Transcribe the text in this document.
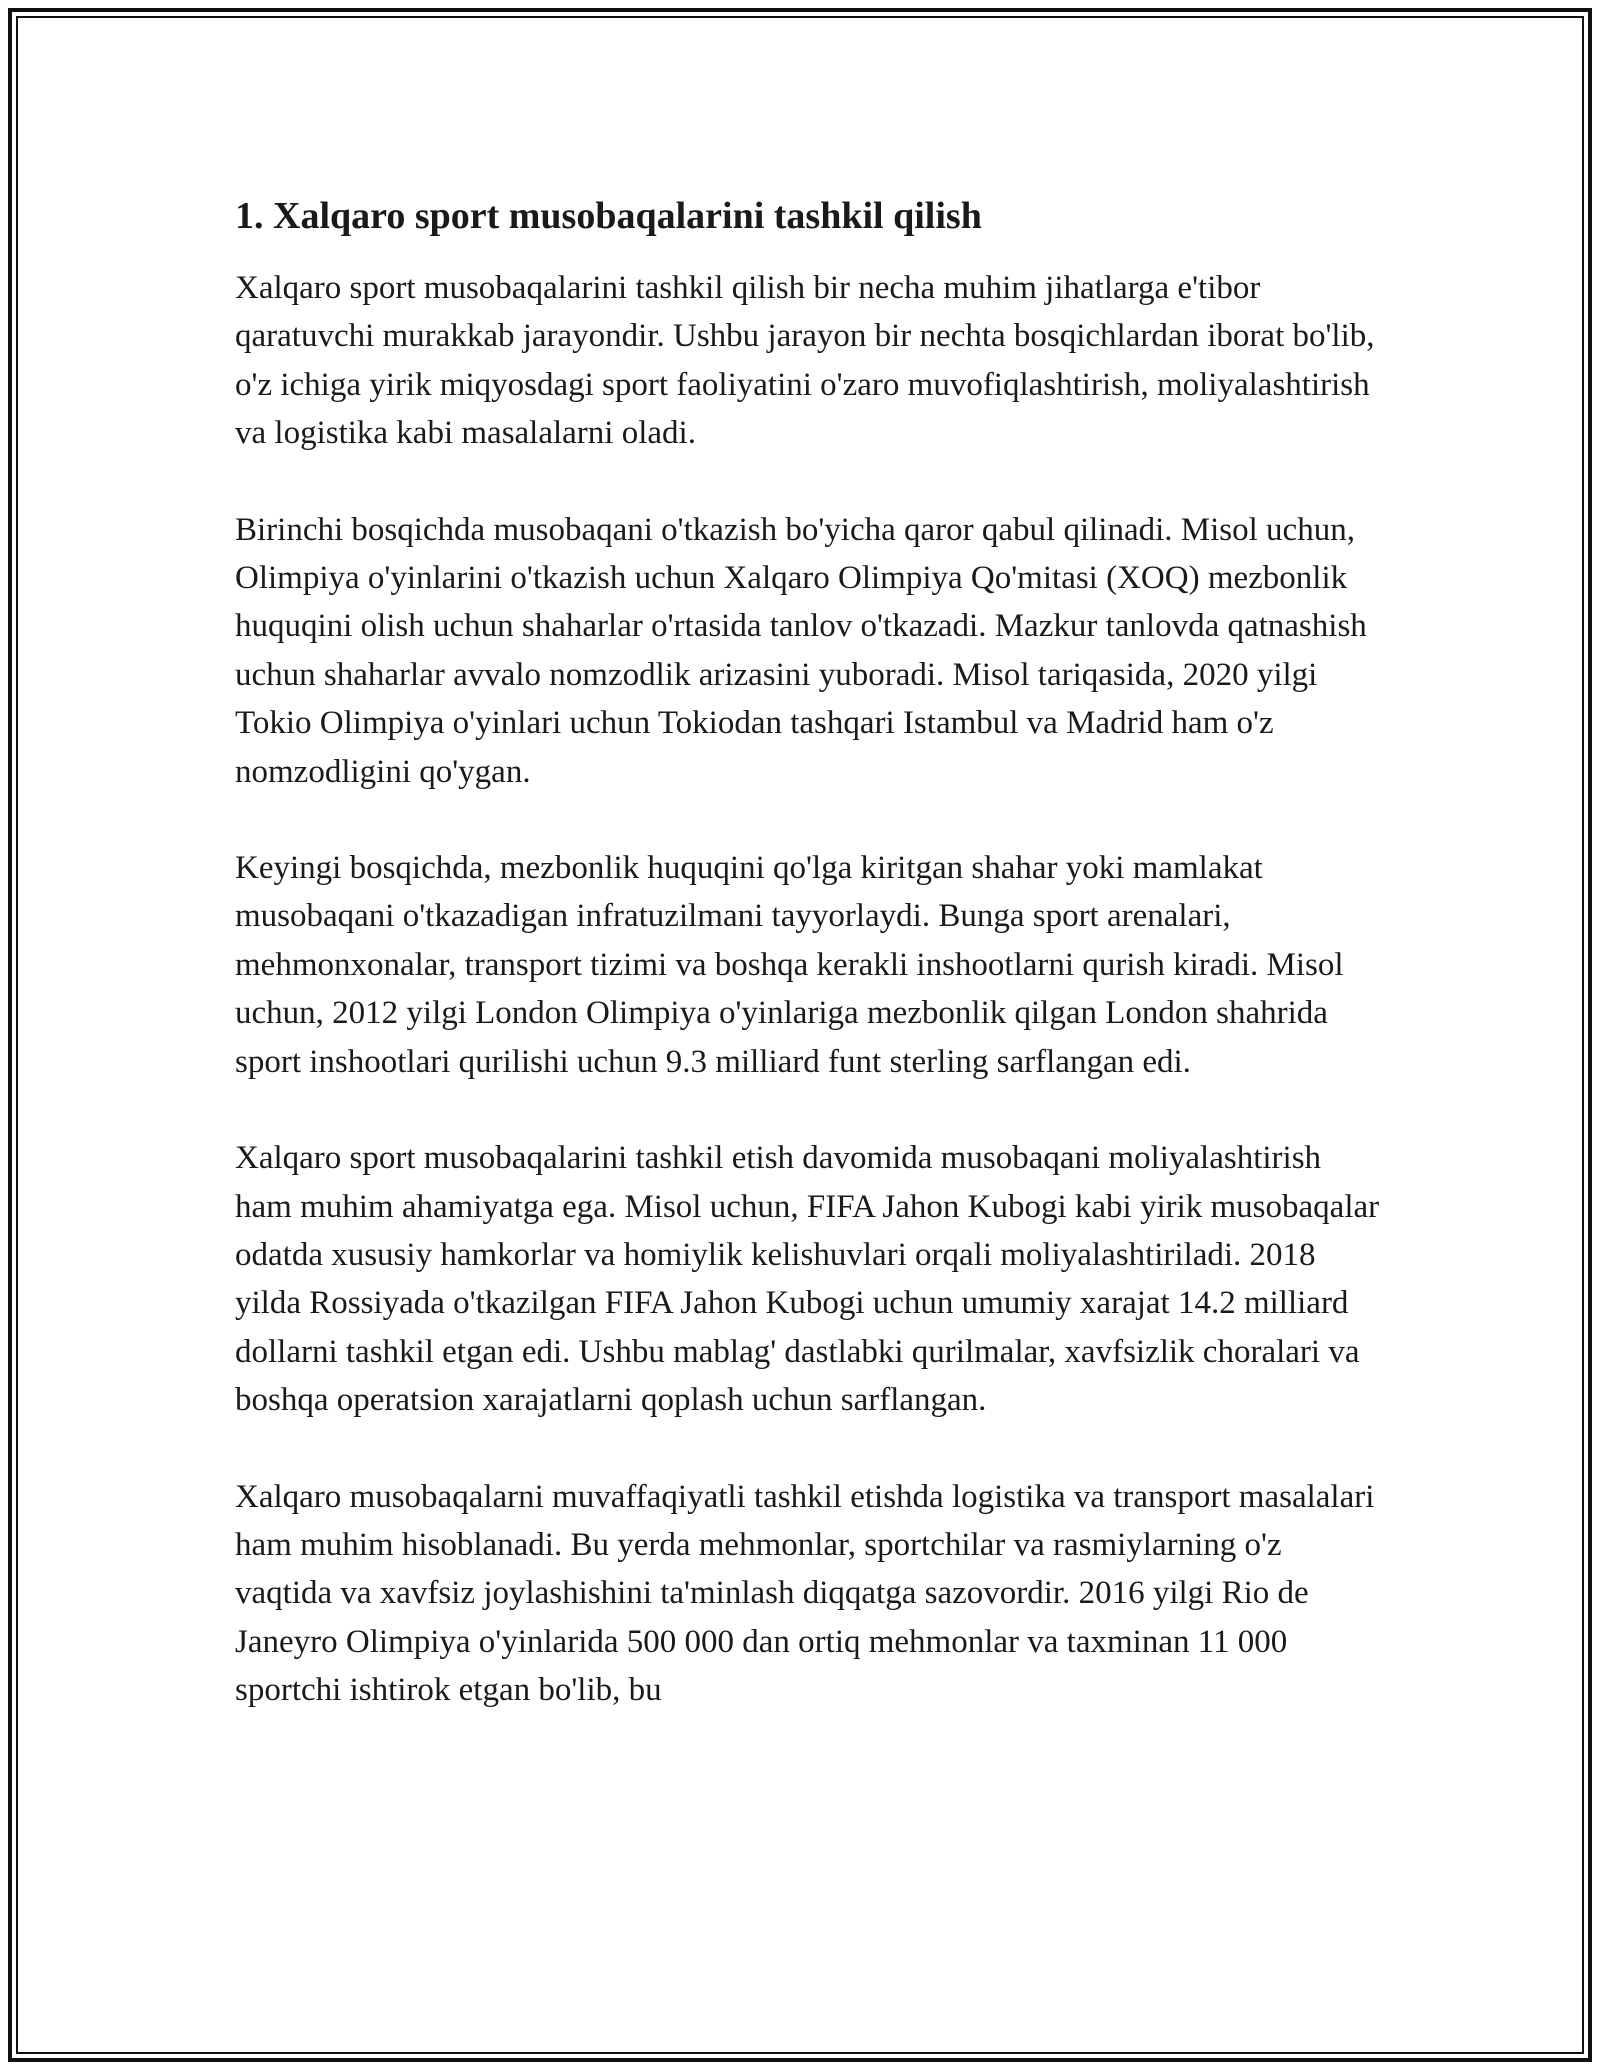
1. Xalqaro sport musobaqalarini tashkil qilish

Xalqaro sport musobaqalarini tashkil qilish bir necha muhim jihatlarga e'tibor qaratuvchi murakkab jarayondir. Ushbu jarayon bir nechta bosqichlardan iborat bo'lib, o'z ichiga yirik miqyosdagi sport faoliyatini o'zaro muvofiqlashtirish, moliyalashtirish va logistika kabi masalalarni oladi.

Birinchi bosqichda musobaqani o'tkazish bo'yicha qaror qabul qilinadi. Misol uchun, Olimpiya o'yinlarini o'tkazish uchun Xalqaro Olimpiya Qo'mitasi (XOQ) mezbonlik huquqini olish uchun shaharlar o'rtasida tanlov o'tkazadi. Mazkur tanlovda qatnashish uchun shaharlar avvalo nomzodlik arizasini yuboradi. Misol tariqasida, 2020 yilgi Tokio Olimpiya o'yinlari uchun Tokiodan tashqari Istambul va Madrid ham o'z nomzodligini qo'ygan.

Keyingi bosqichda, mezbonlik huquqini qo'lga kiritgan shahar yoki mamlakat musobaqani o'tkazadigan infratuzilmani tayyorlaydi. Bunga sport arenalari, mehmonxonalar, transport tizimi va boshqa kerakli inshootlarni qurish kiradi. Misol uchun, 2012 yilgi London Olimpiya o'yinlariga mezbonlik qilgan London shahrida sport inshootlari qurilishi uchun 9.3 milliard funt sterling sarflangan edi.

Xalqaro sport musobaqalarini tashkil etish davomida musobaqani moliyalashtirish ham muhim ahamiyatga ega. Misol uchun, FIFA Jahon Kubogi kabi yirik musobaqalar odatda xususiy hamkorlar va homiylik kelishuvlari orqali moliyalashtiriladi. 2018 yilda Rossiyada o'tkazilgan FIFA Jahon Kubogi uchun umumiy xarajat 14.2 milliard dollarni tashkil etgan edi. Ushbu mablag' dastlabki qurilmalar, xavfsizlik choralari va boshqa operatsion xarajatlarni qoplash uchun sarflangan.

Xalqaro musobaqalarni muvaffaqiyatli tashkil etishda logistika va transport masalalari ham muhim hisoblanadi. Bu yerda mehmonlar, sportchilar va rasmiylarning o'z vaqtida va xavfsiz joylashishini ta'minlash diqqatga sazovordir. 2016 yilgi Rio de Janeyro Olimpiya o'yinlarida 500 000 dan ortiq mehmonlar va taxminan 11 000 sportchi ishtirok etgan bo'lib, bu
